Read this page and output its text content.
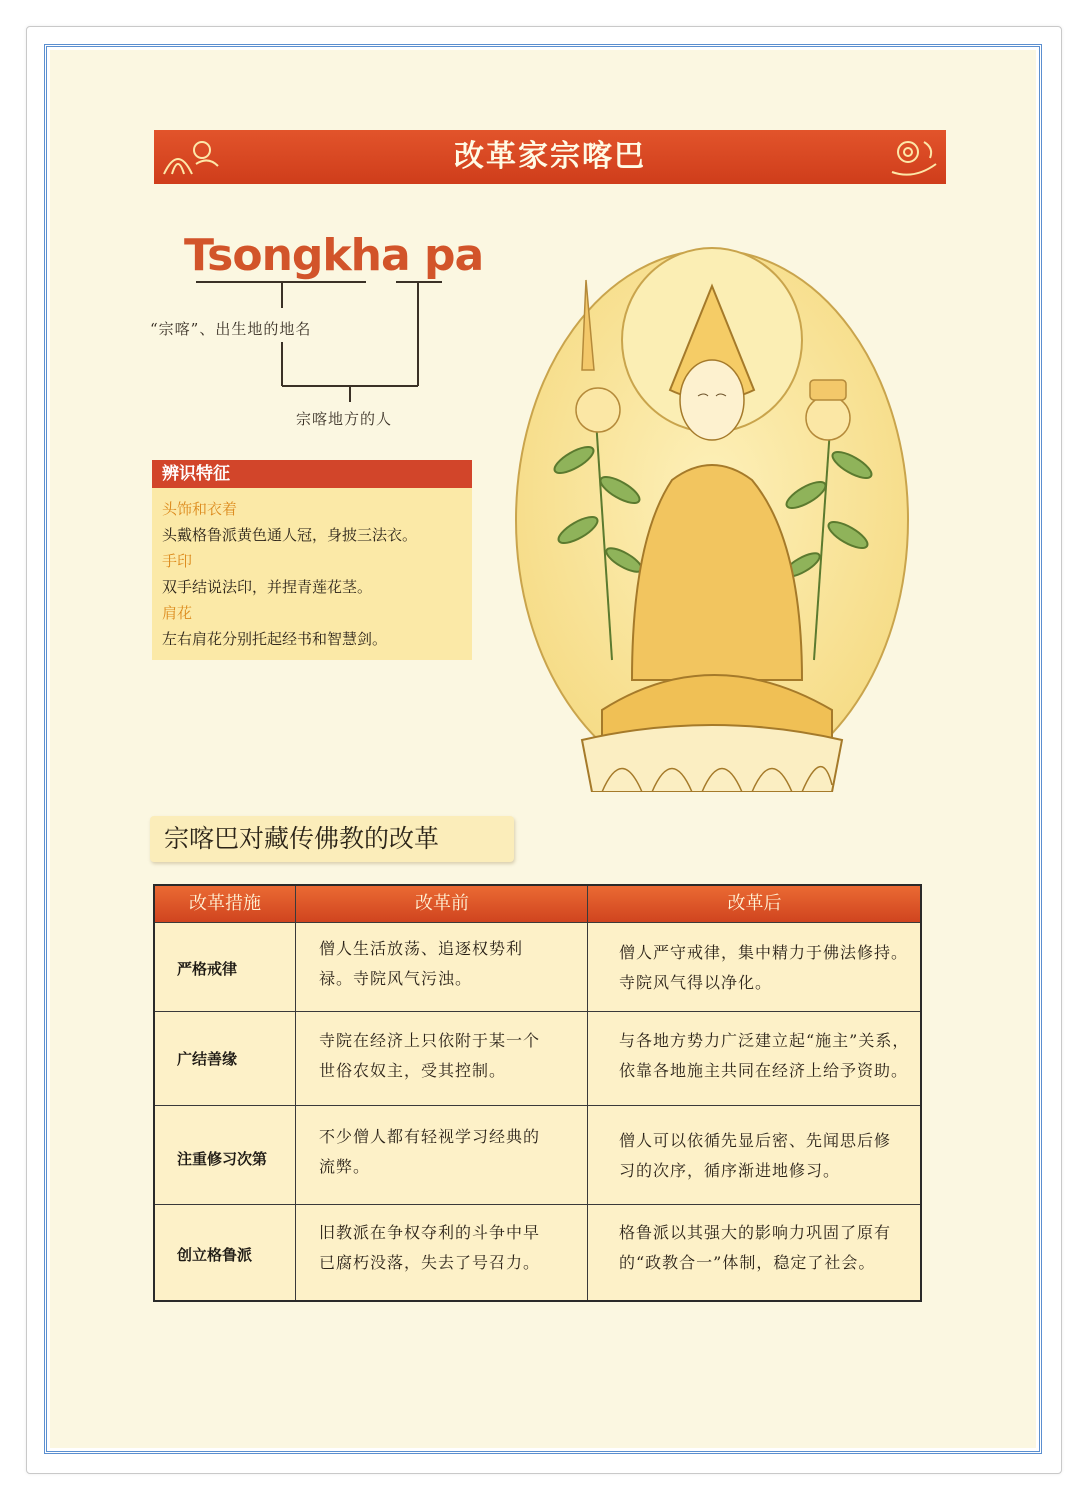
改革家宗喀巴
Tsongkha pa
“宗喀”、出生地的地名
宗喀地方的人
辨识特征
头饰和衣着
头戴格鲁派黄色通人冠，身披三法衣。
手印
双手结说法印，并捏青莲花茎。
肩花
左右肩花分别托起经书和智慧剑。
宗喀巴对藏传佛教的改革
改革措施	改革前	改革后
严格戒律
僧人生活放荡、追逐权势利
禄。寺院风气污浊。
僧人严守戒律，集中精力于佛法修持。
寺院风气得以净化。
广结善缘
寺院在经济上只依附于某一个
世俗农奴主，受其控制。
与各地方势力广泛建立起“施主”关系，
依靠各地施主共同在经济上给予资助。
注重修习次第
不少僧人都有轻视学习经典的
流弊。
僧人可以依循先显后密、先闻思后修
习的次序，循序渐进地修习。
创立格鲁派
旧教派在争权夺利的斗争中早
已腐朽没落，失去了号召力。
格鲁派以其强大的影响力巩固了原有
的“政教合一”体制，稳定了社会。
